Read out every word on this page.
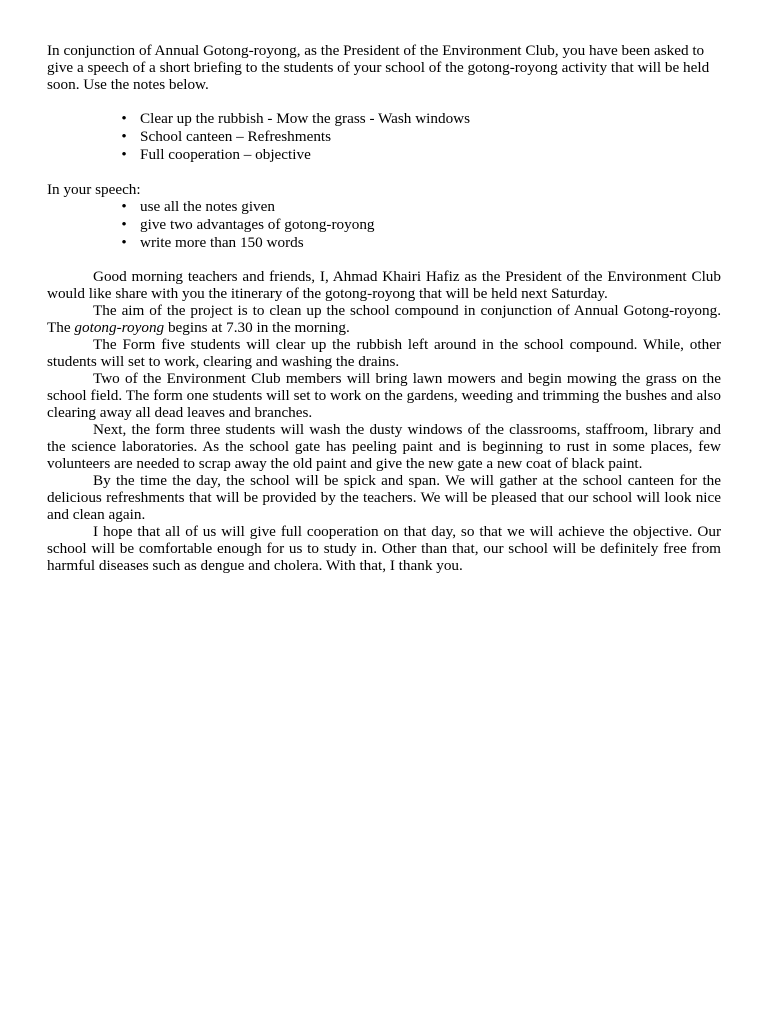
In conjunction of Annual Gotong-royong, as the President of the Environment Club, you have been asked to give a speech of a short briefing to the students of your school of the gotong-royong activity that will be held soon. Use the notes below.

• Clear up the rubbish - Mow the grass - Wash windows
• School canteen – Refreshments
• Full cooperation – objective

In your speech:

• use all the notes given
• give two advantages of gotong-royong
• write more than 150 words

Good morning teachers and friends, I, Ahmad Khairi Hafiz as the President of the Environment Club would like share with you the itinerary of the gotong-royong that will be held next Saturday.

The aim of the project is to clean up the school compound in conjunction of Annual Gotong-royong. The gotong-royong begins at 7.30 in the morning.

The Form five students will clear up the rubbish left around in the school compound. While, other students will set to work, clearing and washing the drains.

Two of the Environment Club members will bring lawn mowers and begin mowing the grass on the school field. The form one students will set to work on the gardens, weeding and trimming the bushes and also clearing away all dead leaves and branches.

Next, the form three students will wash the dusty windows of the classrooms, staffroom, library and the science laboratories. As the school gate has peeling paint and is beginning to rust in some places, few volunteers are needed to scrap away the old paint and give the new gate a new coat of black paint.

By the time the day, the school will be spick and span. We will gather at the school canteen for the delicious refreshments that will be provided by the teachers. We will be pleased that our school will look nice and clean again.

I hope that all of us will give full cooperation on that day, so that we will achieve the objective. Our school will be comfortable enough for us to study in. Other than that, our school will be definitely free from harmful diseases such as dengue and cholera. With that, I thank you.
